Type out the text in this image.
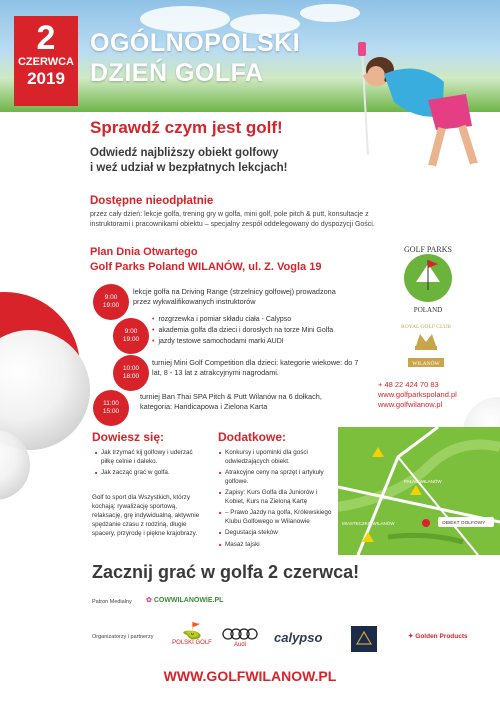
2
CZERWCA
2019
OGÓLNOPOLSKI
DZIEŃ GOLFA
Sprawdź czym jest golf!
Odwiedź najbliższy obiekt golfowy
i weź udział w bezpłatnych lekcjach!
Dostępne nieodpłatnie
przez cały dzień: lekcje golfa, trening gry w golfa, mini golf, pole pitch & putt, konsultacje z instruktorami i pracownikami obiektu – specjalny zespół oddelegowany do dyspozycji Gości.
Plan Dnia Otwartego
Golf Parks Poland WILANÓW, ul. Z. Vogla 19
9:00
19:00
lekcje golfa na Driving Range (strzelnicy golfowej) prowadzona przez wykwalifikowanych instruktorów
9:00
19:00
• rozgrzewka i pomiar składu ciała - Calypso
• akademia golfa dla dzieci i dorosłych na torze Mini Golfa
• jazdy testowe samochodami marki AUDI
10:00
18:00
turniej Mini Golf Competition dla dzieci: kategorie wiekowe: do 7 lat, 8 - 13 lat z atrakcyjnymi nagrodami.
11:00
15:00
turniej Ban Thai SPA Pitch & Putt Wilanów na 6 dołkach, kategoria: Handicapowa i Zielona Karta
GOLF PARKS
POLAND
ROYAL GOLF CLUB
WILANÓW
+ 48 22 424 70 83
www.golfparkspoland.pl
www.golfwilanow.pl
Dowiesz się:
■ Jak trzymać kij golfowy i uderzać piłkę celnie i daleko.
■ Jak zacząć grać w golfa.
Golf to sport dla Wszystkich, którzy kochają: rywalizację sportową, relaksację, grę indywidualną, aktywnie spędzanie czasu z rodziną, długie spacery, przyrodę i piękne krajobrazy.
Dodatkowe:
■ Konkursy i upominki dla gości odwiedzających obiekt.
■ Atrakcyjne ceny na sprzęt i artykuły golfowe.
■ Zapisy: Kurs Golfa dla Juniorów i Kobiet, Kurs na Zieloną Kartę
■ – Prawo Jazdy na golfa, Królewskiego Klubu Golfowego w Wilanowie
■ Degustacja steków
■ Masaż tajski
PAŁAC WILANÓW
MIASTECZKO WILANÓW	OBIEKT GOLFOWY
Zacznij grać w golfa 2 czerwca!
Patron Medialny ✿ COWWILANOWIE.PL
Organizatorzy i partnerzy	⛳
POLSKI GOLF	Audi	calypso	✦ Golden Products
WWW.GOLFWILANOW.PL
